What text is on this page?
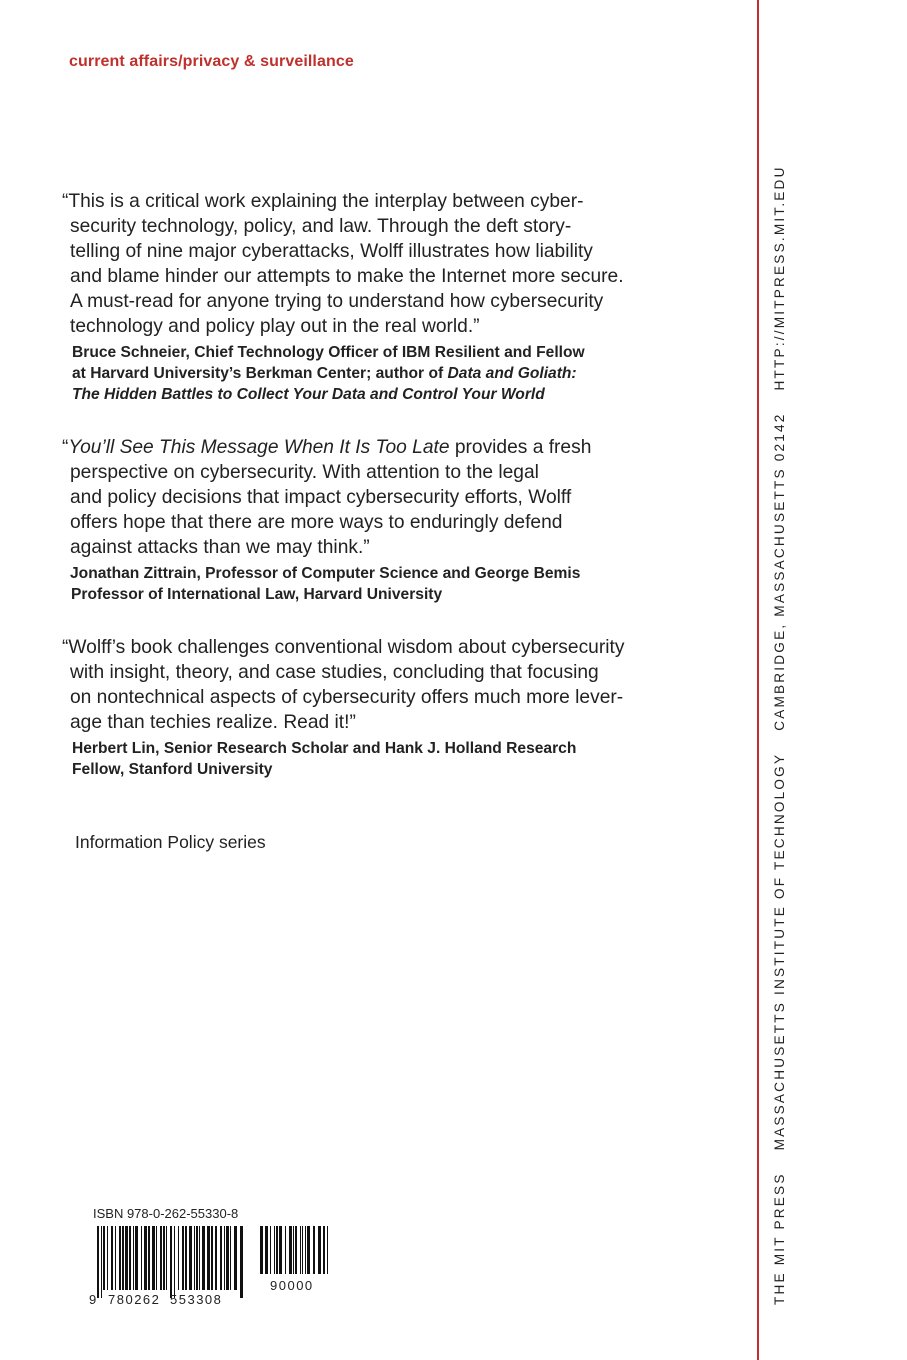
current affairs/privacy & surveillance
“This is a critical work explaining the interplay between cyber-
security technology, policy, and law. Through the deft story-
telling of nine major cyberattacks, Wolff illustrates how liability
and blame hinder our attempts to make the Internet more secure.
A must-read for anyone trying to understand how cybersecurity
technology and policy play out in the real world.”
Bruce Schneier, Chief Technology Officer of IBM Resilient and Fellow
at Harvard University’s Berkman Center; author of Data and Goliath:
The Hidden Battles to Collect Your Data and Control Your World
“You’ll See This Message When It Is Too Late provides a fresh
perspective on cybersecurity. With attention to the legal
and policy decisions that impact cybersecurity efforts, Wolff
offers hope that there are more ways to enduringly defend
against attacks than we may think.”
Jonathan Zittrain, Professor of Computer Science and George Bemis
Professor of International Law, Harvard University
“Wolff’s book challenges conventional wisdom about cybersecurity
with insight, theory, and case studies, concluding that focusing
on nontechnical aspects of cybersecurity offers much more lever-
age than techies realize. Read it!”
Herbert Lin, Senior Research Scholar and Hank J. Holland Research
Fellow, Stanford University
Information Policy series
ISBN 978-0-262-55330-8
9 780262 553308
90000	THE MIT PRESSMASSACHUSETTS INSTITUTE OF TECHNOLOGYCAMBRIDGE, MASSACHUSETTS 02142HTTP://MITPRESS.MIT.EDU
